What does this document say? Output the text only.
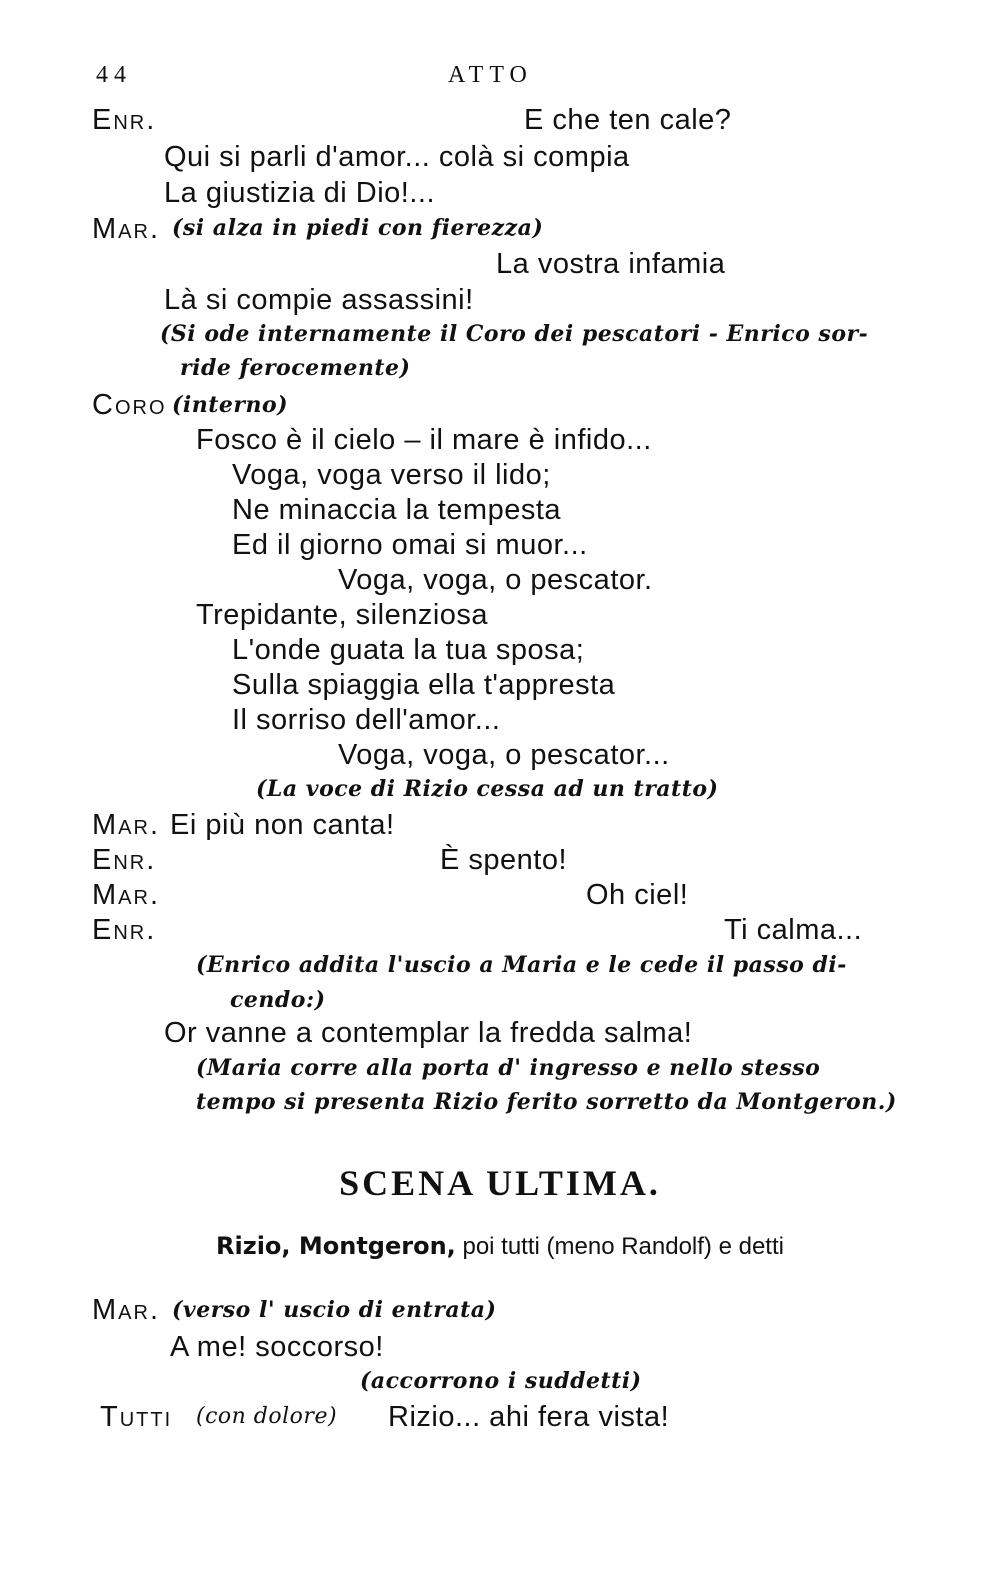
44	ATTO
Enr.	E che ten cale?
Qui si parli d'amor... colà si compia
La giustizia di Dio!...
Mar. (si alza in piedi con fierezza)
La vostra infamia
Là si compie assassini!
(Si ode internamente il Coro dei pescatori - Enrico sor-
ride ferocemente)
Coro (interno)
Fosco è il cielo – il mare è infido...
Voga, voga verso il lido;
Ne minaccia la tempesta
Ed il giorno omai si muor...
Voga, voga, o pescator.
Trepidante, silenziosa
L'onde guata la tua sposa;
Sulla spiaggia ella t'appresta
Il sorriso dell'amor...
Voga, voga, o pescator...
(La voce di Rizio cessa ad un tratto)
Mar. Ei più non canta!
Enr.	È spento!
Mar.	Oh ciel!
Enr.	Ti calma...
(Enrico addita l'uscio a Maria e le cede il passo di-
cendo:)
Or vanne a contemplar la fredda salma!
(Maria corre alla porta d' ingresso e nello stesso
tempo si presenta Rizio ferito sorretto da Montgeron.)
SCENA ULTIMA.
Rizio, Montgeron, poi tutti (meno Randolf) e detti
Mar. (verso l' uscio di entrata)
A me! soccorso!
(accorrono i suddetti)
Tutti (con dolore) Rizio... ahi fera vista!
